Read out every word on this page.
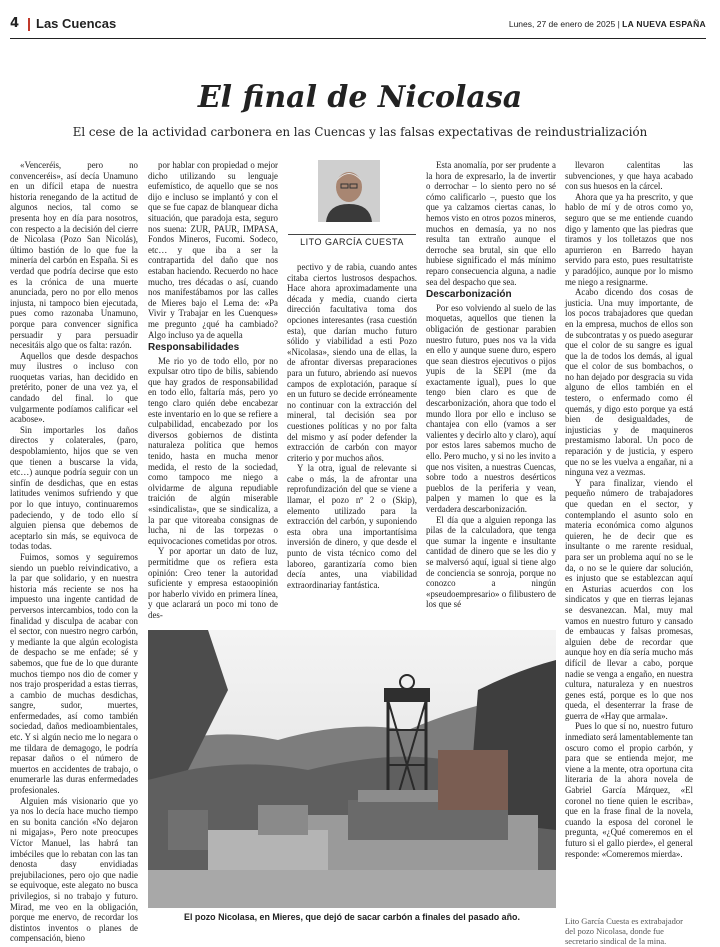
4 Las Cuencas	Lunes, 27 de enero de 2025 | LA NUEVA ESPAÑA
El final de Nicolasa
El cese de la actividad carbonera en las Cuencas y las falsas expectativas de reindustrialización

«Venceréis, pero no convenceréis», así decía Unamuno en un difícil etapa de nuestra historia renegando de la actitud de algunos necios, tal como se presenta hoy en día para nosotros, con respecto a la decisión del cierre de Nicolasa (Pozo San Nicolás), último bastión de lo que fue la minería del carbón en España. Si es verdad que podría decirse que esto es la crónica de una muerte anunciada, pero no por ello menos injusta, ni tampoco bien ejecutada, pues como razonaba Unamuno, porque para convencer significa persuadir y para persuadir necesitáis algo que os falta: razón.

Aquellos que desde despachos muy ilustres o incluso con ruoquetas varias, han decidido en pretérito, poner de una vez ya, el candado del final. lo que vulgarmente podíamos calificar «el acabose».

Sin importarles los daños directos y colaterales, (paro, despoblamiento, hijos que se ven que tienen a buscarse la vida, etc…) aunque podría seguir con un sinfín de desdichas, que en estas latitudes venimos sufriendo y que por lo que intuyo, continuaremos padeciendo, y de todo ello sí alguien piensa que debemos de aceptarlo sin más, se equivoca de todas todas.

Fuimos, somos y seguiremos siendo un pueblo reivindicativo, a la par que solidario, y en nuestra historia más reciente se nos ha impuesto una ingente cantidad de perversos intercambios, todo con la finalidad y disculpa de acabar con el sector, con nuestro negro carbón, y mediante la que algún ecologista de despacho se me enfade; sé y sabemos, que fue de lo que durante muchos tiempo nos dio de comer y nos trajo prosperidad a estas tierras, a cambio de muchas desdichas, sangre, sudor, muertes, enfermedades, así como también sociedad, daños medioambientales, etc. Y si algún necio me lo negara o me tildara de demagogo, le podría repasar daños o el número de muertos en accidentes de trabajo, o enumerarle las duras enfermedades profesionales.

Alguien más visionario que yo ya nos lo decía hace mucho tiempo en su bonita canción «No dejaron ni migajas», Pero note preocupes Víctor Manuel, las habrá tan imbéciles que lo rebatan con las tan denosta dasy envidiadas prejubilaciones, pero ojo que nadie se equivoque, este alegato no busca privilegios, si no trabajo y futuro. Mirad, me veo en la obligación, porque me enervo, de recordar los distintos inventos o planes de compensación, bieno

por hablar con propiedad o mejor dicho utilizando su lenguaje eufemístico, de aquello que se nos dijo e incluso se implantó y con el que se fue capaz de blanquear dicha situación, que paradoja esta, seguro nos suena: ZUR, PAUR, IMPASA, Fondos Mineros, Fucomi. Sodeco, etc… y que iba a ser la contrapartida del daño que nos estaban haciendo. Recuerdo no hace mucho, tres décadas o así, cuando nos manifestábamos por las calles de Mieres bajo el Lema de: «Pa Vivir y Trabajar en les Cuenques» me pregunto ¿qué ha cambiado? Algo incluso ya de aquella

Responsabilidades

Me rio yo de todo ello, por no expulsar otro tipo de bilis, sabiendo que hay grados de responsabilidad en todo ello, faltaría más, pero yo tengo claro quién debe encabezar este inventario en lo que se refiere a culpabilidad, encabezado por los diversos gobiernos de distinta naturaleza política que hemos tenido, hasta en mucha menor medida, el resto de la sociedad, como tampoco me niego a olvidarme de alguna repudiable traición de algún miserable «sindicalista», que se sindicaliza, a la par que vitoreaba consignas de lucha, ni de las torpezas o equivocaciones cometidas por otros.

Y por aportar un dato de luz, permitidme que os refiera esta opinión: Creo tener la autoridad suficiente y empresa estaoopinión por haberlo vivido en primera línea, y que aclarará un poco mi tono de des-

LITO GARCÍA CUESTA

pectivo y de rabia, cuando antes citaba ciertos lustrosos despachos. Hace ahora aproximadamente una década y media, cuando cierta dirección facultativa toma dos opciones interesantes (rasa cuestión esta), que darían mucho futuro sólido y viabilidad a esti Pozo «Nicolasa», siendo una de ellas, la de afrontar diversas preparaciones para un futuro, abriendo así nuevos campos de explotación, paraque sí en un futuro se decide erróneamente no continuar con la extracción del mineral, tal decisión sea por cuestiones políticas y no por falta del mismo y así poder defender la extracción de carbón con mayor criterio y por muchos años.

Y la otra, igual de relevante si cabe o más, la de afrontar una reprofundización del que se viene a llamar, el pozo nº 2 o (Skip), elemento utilizado para la extracción del carbón, y suponiendo esta obra una importantísima inversión de dinero, y que desde el punto de vista técnico como del laboreo, garantizaría como bien decía antes, una viabilidad extraordinariay fantástica.

Esta anomalía, por ser prudente a la hora de expresarlo, la de invertir o derrochar – lo siento pero no sé cómo calificarlo –, puesto que los que ya calzamos ciertas canas, lo hemos visto en otros pozos mineros, muchos en demasía, ya no nos resulta tan extraño aunque el derroche sea brutal, sin que ello hubiese significado el más mínimo reparo consecuencia alguna, a nadie sea del despacho que sea.

Descarbonización

Por eso volviendo al suelo de las moquetas, aquellos que tienen la obligación de gestionar parabien nuestro futuro, pues nos va la vida en ello y aunque suene duro, espero que sean diestros ejecutivos o pijos yupis de la SEPI (me da exactamente igual), pues lo que tengo bien claro es que de descarbonización, ahora que todo el mundo llora por ello e incluso se chantajea con ello (vamos a ser valientes y decirlo alto y claro), aquí por estos lares sabemos mucho de ello. Pero mucho, y si no les invito a que nos visiten, a nuestras Cuencas, sobre todo a nuestros desérticos pueblos de la periferia y vean, palpen y mamen lo que es la verdadera descarbonización.

El día que a alguien reponga las pilas de la calculadora, que tenga que sumar la ingente e insultante cantidad de dinero que se les dio y se malversó aquí, igual si tiene algo de conciencia se sonroja, porque no conozco a ningún «pseudoempresario» o filibustero de los que sé

llevaron calentitas las subvenciones, y que haya acabado con sus huesos en la cárcel.

Ahora que ya ha prescrito, y que hablo de mí y de otros como yo, seguro que se me entiende cuando digo y lamento que las piedras que tiramos y los tolletazos que nos apurrieron en Barredo hayan servido para esto, pues resultatriste y paradójico, aunque por lo mismo me niego a resignarme.

Acabo dicendo dos cosas de justicia. Una muy importante, de los pocos trabajadores que quedan en la empresa, muchos de ellos son de subcontratas y os puedo asegurar que el color de su sangre es igual que la de todos los demás, al igual que el color de sus bombachos, o no han dejado por desgracia su vida alguno de ellos también en el testero, o enfermado como él quemás, y digo esto porque ya está bien de desigualdades, de injusticias y de maquineros prestamismo laboral. Un poco de reparación y de justicia, y espero que no se les vuelva a engañar, ni a ninguna vez a vezmas.

Y para finalizar, viendo el pequeño número de trabajadores que quedan en el sector, y contemplando el asunto solo en materia económica como algunos quieren, he de decir que es insultante o me rarente residual, para ser un problema aquí no se le da, o no se le quiere dar solución, es injusto que se establezcan aquí en Asturias acuerdos con los sindicatos y que en tierras lejanas se desvanezcan. Mal, muy mal vamos en nuestro futuro y cansado de embaucas y falsas promesas, alguien debe de recordar que aunque hoy en día sería mucho más difícil de llevar a cabo, porque nadie se venga a engaño, en nuestra cultura, naturaleza y en nuestros genes está, porque es lo que nos queda, el desenterrar la frase de guerra de «Hay que armala».

Pues lo que sí no, nuestro futuro inmediato será lamentablemente tan oscuro como el propio carbón, y para que se entienda mejor, me viene a la mente, otra oportuna cita literaria de la ahora novela de Gabriel García Márquez, «El coronel no tiene quien le escriba», que en la frase final de la novela, cuando la esposa del coronel le pregunta, «¿Qué comeremos en el futuro si el gallo pierde», el general responde: «Comeremos mierda».

Lito García Cuesta es extrabajador del pozo Nicolasa, donde fue secretario sindical de la mina.
El pozo Nicolasa, en Mieres, que dejó de sacar carbón a finales del pasado año.
